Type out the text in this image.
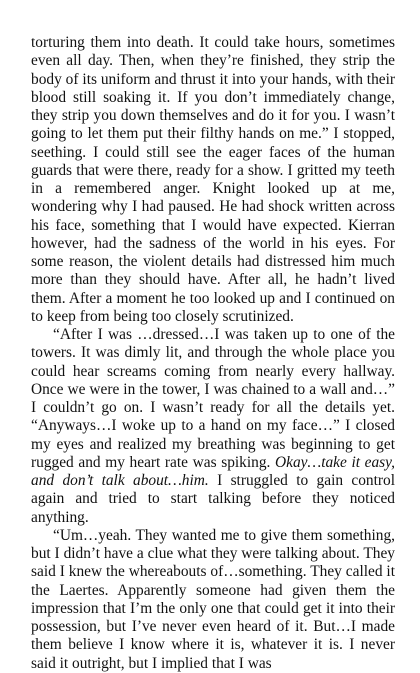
torturing them into death. It could take hours, sometimes even all day. Then, when they’re finished, they strip the body of its uniform and thrust it into your hands, with their blood still soaking it. If you don’t immediately change, they strip you down themselves and do it for you. I wasn’t going to let them put their filthy hands on me.” I stopped, seething. I could still see the eager faces of the human guards that were there, ready for a show. I gritted my teeth in a remembered anger. Knight looked up at me, wondering why I had paused. He had shock written across his face, something that I would have expected. Kierran however, had the sadness of the world in his eyes. For some reason, the violent details had distressed him much more than they should have. After all, he hadn’t lived them. After a moment he too looked up and I continued on to keep from being too closely scrutinized.

“After I was …dressed…I was taken up to one of the towers. It was dimly lit, and through the whole place you could hear screams coming from nearly every hallway. Once we were in the tower, I was chained to a wall and…” I couldn’t go on. I wasn’t ready for all the details yet. “Anyways…I woke up to a hand on my face…” I closed my eyes and realized my breathing was beginning to get rugged and my heart rate was spiking. Okay…take it easy, and don’t talk about…him. I struggled to gain control again and tried to start talking before they noticed anything.

“Um…yeah. They wanted me to give them something, but I didn’t have a clue what they were talking about. They said I knew the whereabouts of…something. They called it the Laertes. Apparently someone had given them the impression that I’m the only one that could get it into their possession, but I’ve never even heard of it. But…I made them believe I know where it is, whatever it is. I never said it outright, but I implied that I was
